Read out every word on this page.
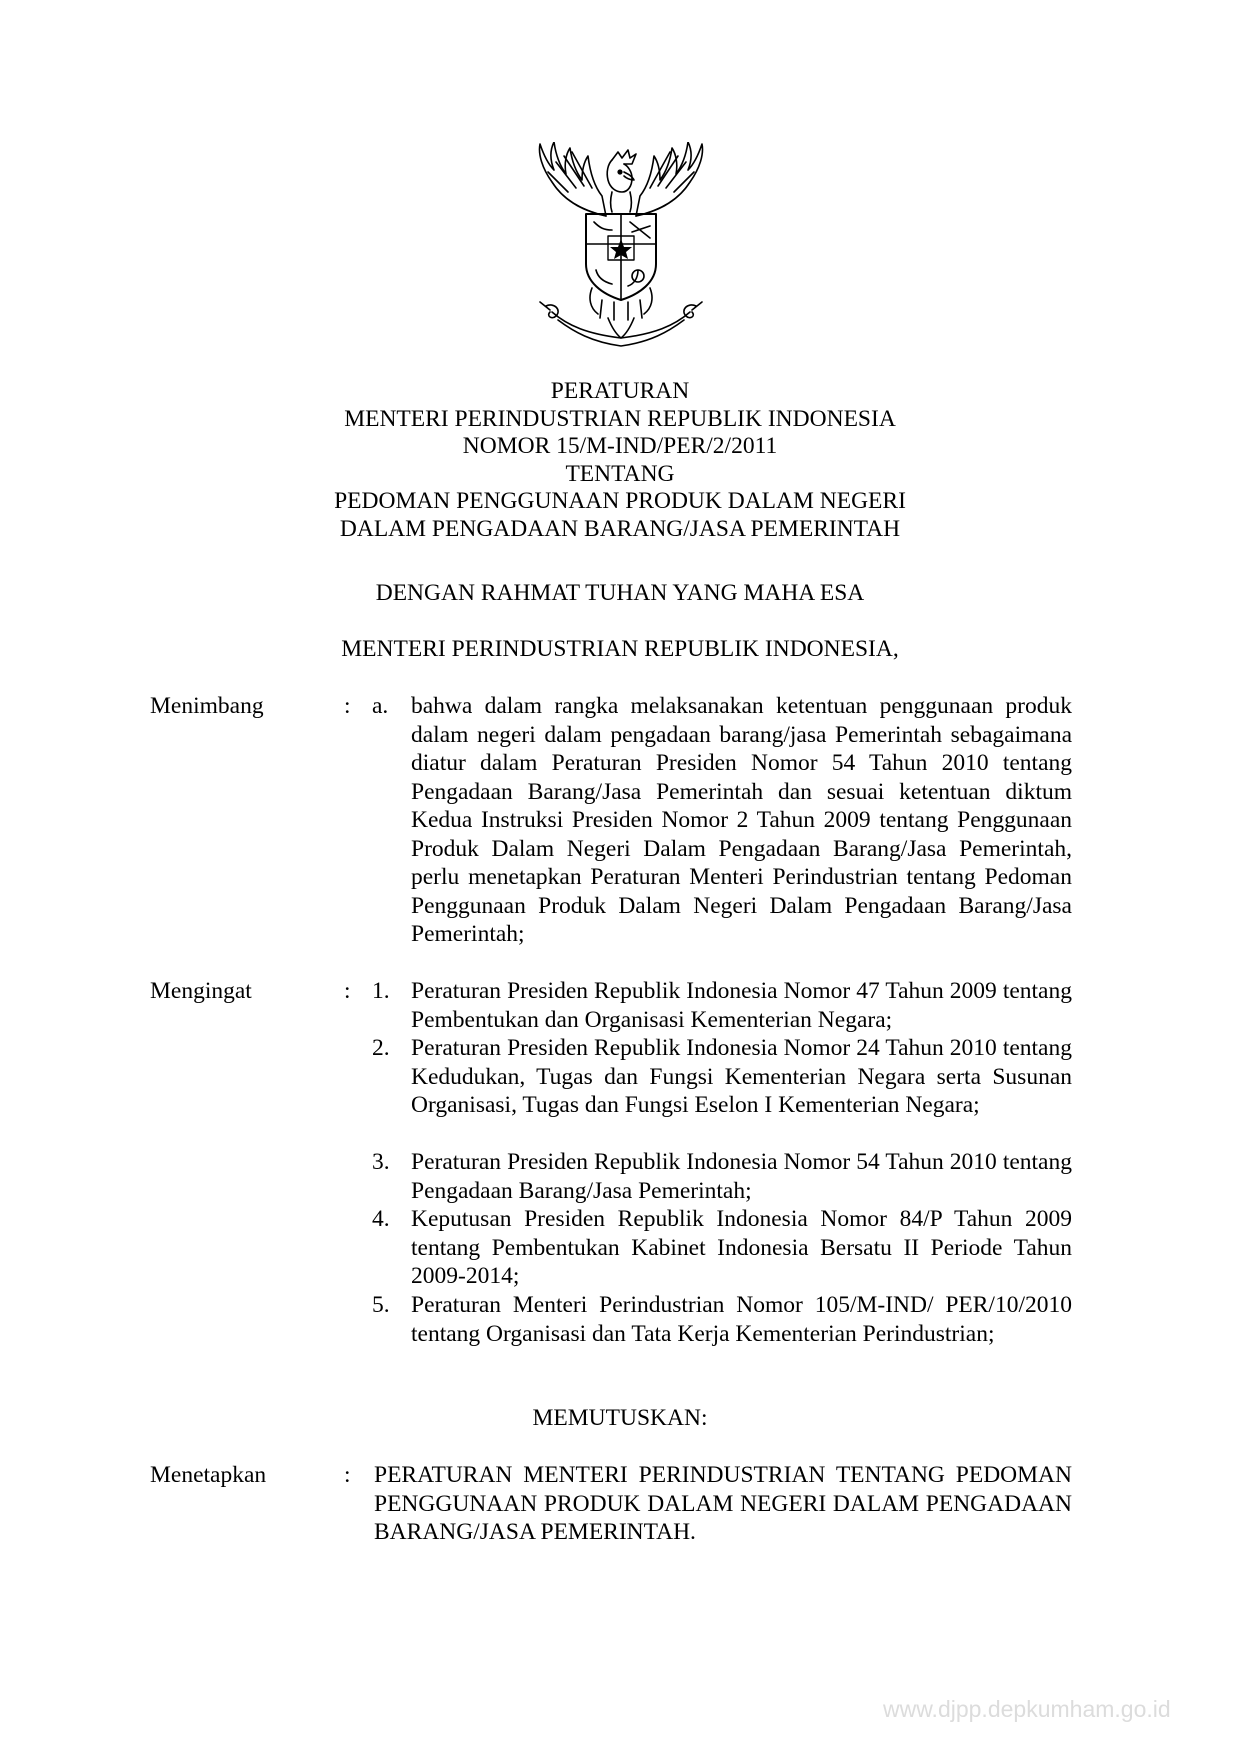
PERATURAN
MENTERI PERINDUSTRIAN REPUBLIK INDONESIA
NOMOR 15/M-IND/PER/2/2011
TENTANG
PEDOMAN PENGGUNAAN PRODUK DALAM NEGERI
DALAM PENGADAAN BARANG/JASA PEMERINTAH
DENGAN RAHMAT TUHAN YANG MAHA ESA
MENTERI PERINDUSTRIAN REPUBLIK INDONESIA,
Menimbang	: a. bahwa dalam rangka melaksanakan ketentuan penggunaan produk dalam negeri dalam pengadaan barang/jasa Pemerintah sebagaimana diatur dalam Peraturan Presiden Nomor 54 Tahun 2010 tentang Pengadaan Barang/Jasa Pemerintah dan sesuai ketentuan diktum Kedua Instruksi Presiden Nomor 2 Tahun 2009 tentang Penggunaan Produk Dalam Negeri Dalam Pengadaan Barang/Jasa Pemerintah, perlu menetapkan Peraturan Menteri Perindustrian tentang Pedoman Penggunaan Produk Dalam Negeri Dalam Pengadaan Barang/Jasa Pemerintah;
Mengingat	: 1. Peraturan Presiden Republik Indonesia Nomor 47 Tahun 2009 tentang Pembentukan dan Organisasi Kementerian Negara;
2. Peraturan Presiden Republik Indonesia Nomor 24 Tahun 2010 tentang Kedudukan, Tugas dan Fungsi Kementerian Negara serta Susunan Organisasi, Tugas dan Fungsi Eselon I Kementerian Negara;
3. Peraturan Presiden Republik Indonesia Nomor 54 Tahun 2010 tentang Pengadaan Barang/Jasa Pemerintah;
4. Keputusan Presiden Republik Indonesia Nomor 84/P Tahun 2009 tentang Pembentukan Kabinet Indonesia Bersatu II Periode Tahun 2009-2014;
5. Peraturan Menteri Perindustrian Nomor 105/M-IND/ PER/10/2010 tentang Organisasi dan Tata Kerja Kementerian Perindustrian;
MEMUTUSKAN:
Menetapkan	: PERATURAN MENTERI PERINDUSTRIAN TENTANG PEDOMAN PENGGUNAAN PRODUK DALAM NEGERI DALAM PENGADAAN BARANG/JASA PEMERINTAH.
www.djpp.depkumham.go.id
